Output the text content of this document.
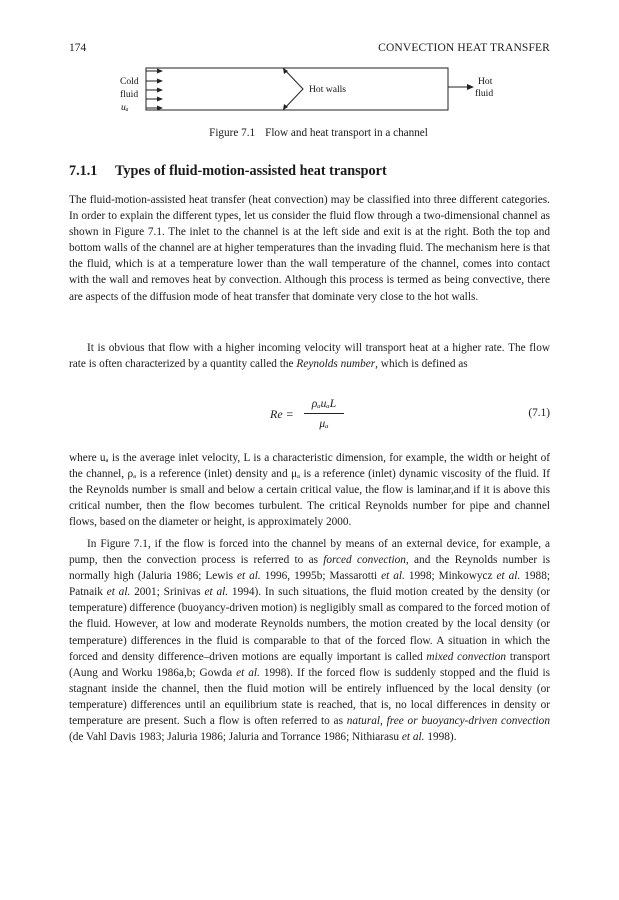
174	CONVECTION HEAT TRANSFER
Cold
fluid
uₐ
Hot walls
Hot
fluid
Figure 7.1 Flow and heat transport in a channel
7.1.1 Types of fluid-motion-assisted heat transport

The fluid-motion-assisted heat transfer (heat convection) may be classified into three different categories. In order to explain the different types, let us consider the fluid flow through a two-dimensional channel as shown in Figure 7.1. The inlet to the channel is at the left side and exit is at the right. Both the top and bottom walls of the channel are at higher temperatures than the invading fluid. The mechanism here is that the fluid, which is at a temperature lower than the wall temperature of the channel, comes into contact with the wall and removes heat by convection. Although this process is termed as being convective, there are aspects of the diffusion mode of heat transfer that dominate very close to the hot walls.

It is obvious that flow with a higher incoming velocity will transport heat at a higher rate. The flow rate is often characterized by a quantity called the Reynolds number, which is defined as

Re =
ρₐuₐL
μₐ
(7.1)

where uₐ is the average inlet velocity, L is a characteristic dimension, for example, the width or height of the channel, ρₐ is a reference (inlet) density and μₐ is a reference (inlet) dynamic viscosity of the fluid. If the Reynolds number is small and below a certain critical value, the flow is laminar,and if it is above this critical number, then the flow becomes turbulent. The critical Reynolds number for pipe and channel flows, based on the diameter or height, is approximately 2000.

In Figure 7.1, if the flow is forced into the channel by means of an external device, for example, a pump, then the convection process is referred to as forced convection, and the Reynolds number is normally high (Jaluria 1986; Lewis et al. 1996, 1995b; Massarotti et al. 1998; Minkowycz et al. 1988; Patnaik et al. 2001; Srinivas et al. 1994). In such situations, the fluid motion created by the density (or temperature) difference (buoyancy-driven motion) is negligibly small as compared to the forced motion of the fluid. However, at low and moderate Reynolds numbers, the motion created by the local density (or temperature) differences in the fluid is comparable to that of the forced flow. A situation in which the forced and density difference–driven motions are equally important is called mixed convection transport (Aung and Worku 1986a,b; Gowda et al. 1998). If the forced flow is suddenly stopped and the fluid is stagnant inside the channel, then the fluid motion will be entirely influenced by the local density (or temperature) differences until an equilibrium state is reached, that is, no local differences in density or temperature are present. Such a flow is often referred to as natural, free or buoyancy-driven convection (de Vahl Davis 1983; Jaluria 1986; Jaluria and Torrance 1986; Nithiarasu et al. 1998).
